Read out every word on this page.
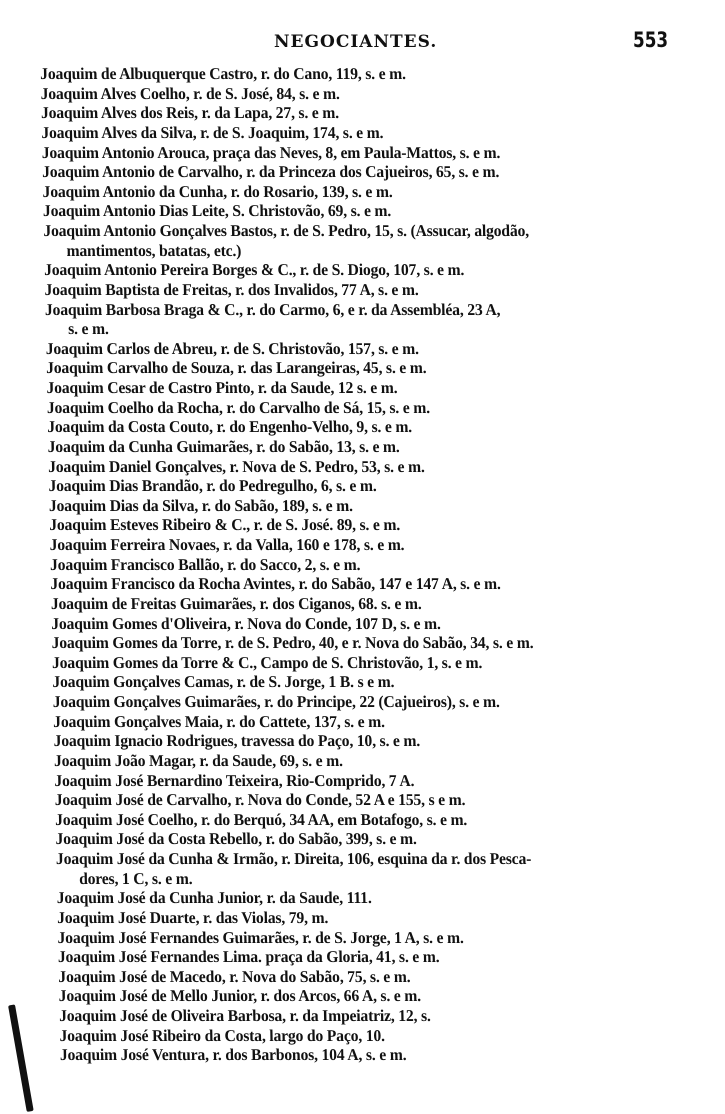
NEGOCIANTES.	553
Joaquim de Albuquerque Castro, r. do Cano, 119, s. e m.
Joaquim Alves Coelho, r. de S. José, 84, s. e m.
Joaquim Alves dos Reis, r. da Lapa, 27, s. e m.
Joaquim Alves da Silva, r. de S. Joaquim, 174, s. e m.
Joaquim Antonio Arouca, praça das Neves, 8, em Paula-Mattos, s. e m.
Joaquim Antonio de Carvalho, r. da Princeza dos Cajueiros, 65, s. e m.
Joaquim Antonio da Cunha, r. do Rosario, 139, s. e m.
Joaquim Antonio Dias Leite, S. Christovão, 69, s. e m.
Joaquim Antonio Gonçalves Bastos, r. de S. Pedro, 15, s. (Assucar, algodão,
mantimentos, batatas, etc.)
Joaquim Antonio Pereira Borges & C., r. de S. Diogo, 107, s. e m.
Joaquim Baptista de Freitas, r. dos Invalidos, 77 A, s. e m.
Joaquim Barbosa Braga & C., r. do Carmo, 6, e r. da Assembléa, 23 A,
s. e m.
Joaquim Carlos de Abreu, r. de S. Christovão, 157, s. e m.
Joaquim Carvalho de Souza, r. das Larangeiras, 45, s. e m.
Joaquim Cesar de Castro Pinto, r. da Saude, 12 s. e m.
Joaquim Coelho da Rocha, r. do Carvalho de Sá, 15, s. e m.
Joaquim da Costa Couto, r. do Engenho-Velho, 9, s. e m.
Joaquim da Cunha Guimarães, r. do Sabão, 13, s. e m.
Joaquim Daniel Gonçalves, r. Nova de S. Pedro, 53, s. e m.
Joaquim Dias Brandão, r. do Pedregulho, 6, s. e m.
Joaquim Dias da Silva, r. do Sabão, 189, s. e m.
Joaquim Esteves Ribeiro & C., r. de S. José. 89, s. e m.
Joaquim Ferreira Novaes, r. da Valla, 160 e 178, s. e m.
Joaquim Francisco Ballão, r. do Sacco, 2, s. e m.
Joaquim Francisco da Rocha Avintes, r. do Sabão, 147 e 147 A, s. e m.
Joaquim de Freitas Guimarães, r. dos Ciganos, 68. s. e m.
Joaquim Gomes d'Oliveira, r. Nova do Conde, 107 D, s. e m.
Joaquim Gomes da Torre, r. de S. Pedro, 40, e r. Nova do Sabão, 34, s. e m.
Joaquim Gomes da Torre & C., Campo de S. Christovão, 1, s. e m.
Joaquim Gonçalves Camas, r. de S. Jorge, 1 B. s e m.
Joaquim Gonçalves Guimarães, r. do Principe, 22 (Cajueiros), s. e m.
Joaquim Gonçalves Maia, r. do Cattete, 137, s. e m.
Joaquim Ignacio Rodrigues, travessa do Paço, 10, s. e m.
Joaquim João Magar, r. da Saude, 69, s. e m.
Joaquim José Bernardino Teixeira, Rio-Comprido, 7 A.
Joaquim José de Carvalho, r. Nova do Conde, 52 A e 155, s e m.
Joaquim José Coelho, r. do Berquó, 34 AA, em Botafogo, s. e m.
Joaquim José da Costa Rebello, r. do Sabão, 399, s. e m.
Joaquim José da Cunha & Irmão, r. Direita, 106, esquina da r. dos Pesca-
dores, 1 C, s. e m.
Joaquim José da Cunha Junior, r. da Saude, 111.
Joaquim José Duarte, r. das Violas, 79, m.
Joaquim José Fernandes Guimarães, r. de S. Jorge, 1 A, s. e m.
Joaquim José Fernandes Lima. praça da Gloria, 41, s. e m.
Joaquim José de Macedo, r. Nova do Sabão, 75, s. e m.
Joaquim José de Mello Junior, r. dos Arcos, 66 A, s. e m.
Joaquim José de Oliveira Barbosa, r. da Impeiatriz, 12, s.
Joaquim José Ribeiro da Costa, largo do Paço, 10.
Joaquim José Ventura, r. dos Barbonos, 104 A, s. e m.
